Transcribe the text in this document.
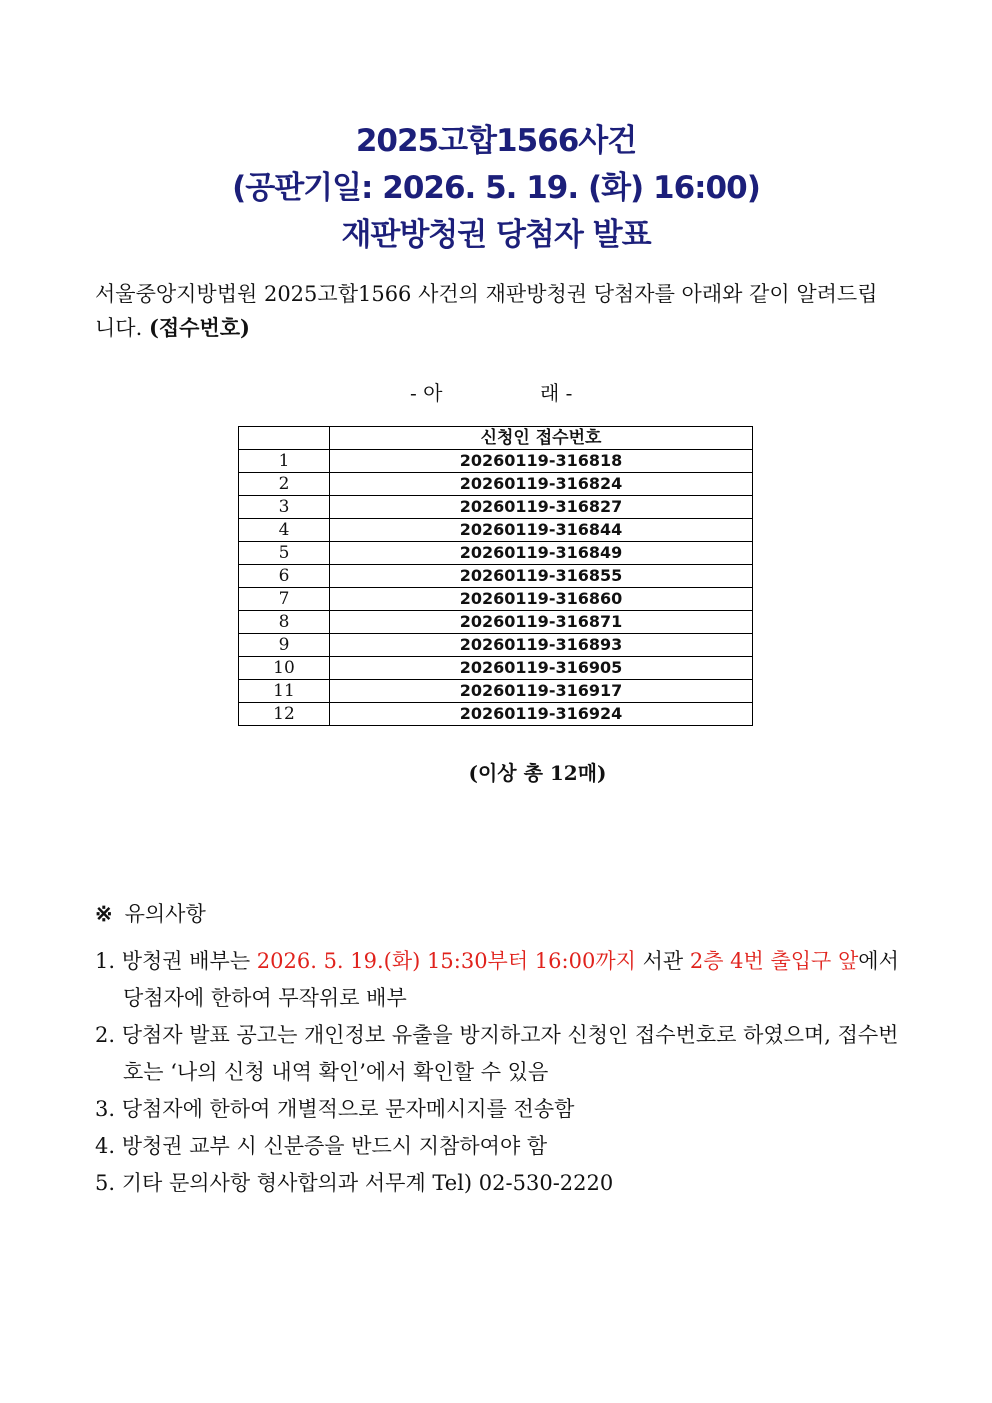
2025고합1566사건
(공판기일: 2026. 5. 19. (화) 16:00)
재판방청권 당첨자 발표
서울중앙지방법원 2025고합1566 사건의 재판방청권 당첨자를 아래와 같이 알려드립니다. (접수번호)
- 아	래 -
	신청인 접수번호
1	20260119-316818
2	20260119-316824
3	20260119-316827
4	20260119-316844
5	20260119-316849
6	20260119-316855
7	20260119-316860
8	20260119-316871
9	20260119-316893
10	20260119-316905
11	20260119-316917
12	20260119-316924
(이상 총 12매)
※ 유의사항
1. 방청권 배부는 2026. 5. 19.(화) 15:30부터 16:00까지 서관 2층 4번 출입구 앞에서 당첨자에 한하여 무작위로 배부
2. 당첨자 발표 공고는 개인정보 유출을 방지하고자 신청인 접수번호로 하였으며, 접수번호는 ‘나의 신청 내역 확인’에서 확인할 수 있음
3. 당첨자에 한하여 개별적으로 문자메시지를 전송함
4. 방청권 교부 시 신분증을 반드시 지참하여야 함
5. 기타 문의사항 형사합의과 서무계 Tel) 02-530-2220
